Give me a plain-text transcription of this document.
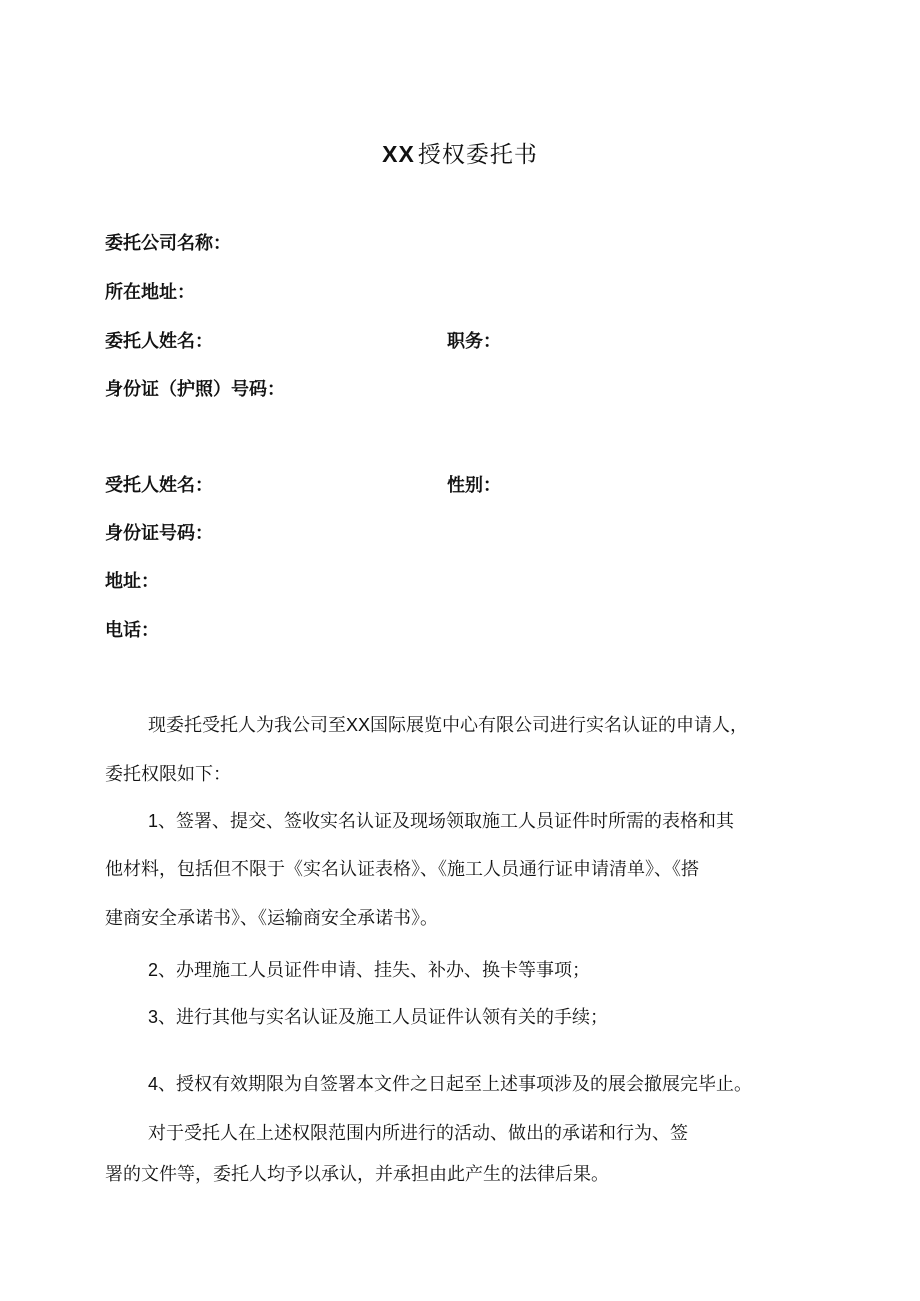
XX 授权委托书
委托公司名称：
所在地址：
委托人姓名：	职务：
身份证（护照）号码：
受托人姓名：	性别：
身份证号码：
地址：
电话：
现委托受托人为我公司至XX国际展览中心有限公司进行实名认证的申请人，
委托权限如下：
1、签署、提交、签收实名认证及现场领取施工人员证件时所需的表格和其
他材料，包括但不限于《实名认证表格》、《施工人员通行证申请清单》、《搭
建商安全承诺书》、《运输商安全承诺书》。
2、办理施工人员证件申请、挂失、补办、换卡等事项；
3、进行其他与实名认证及施工人员证件认领有关的手续；
4、授权有效期限为自签署本文件之日起至上述事项涉及的展会撤展完毕止。
对于受托人在上述权限范围内所进行的活动、做出的承诺和行为、签
署的文件等，委托人均予以承认，并承担由此产生的法律后果。
